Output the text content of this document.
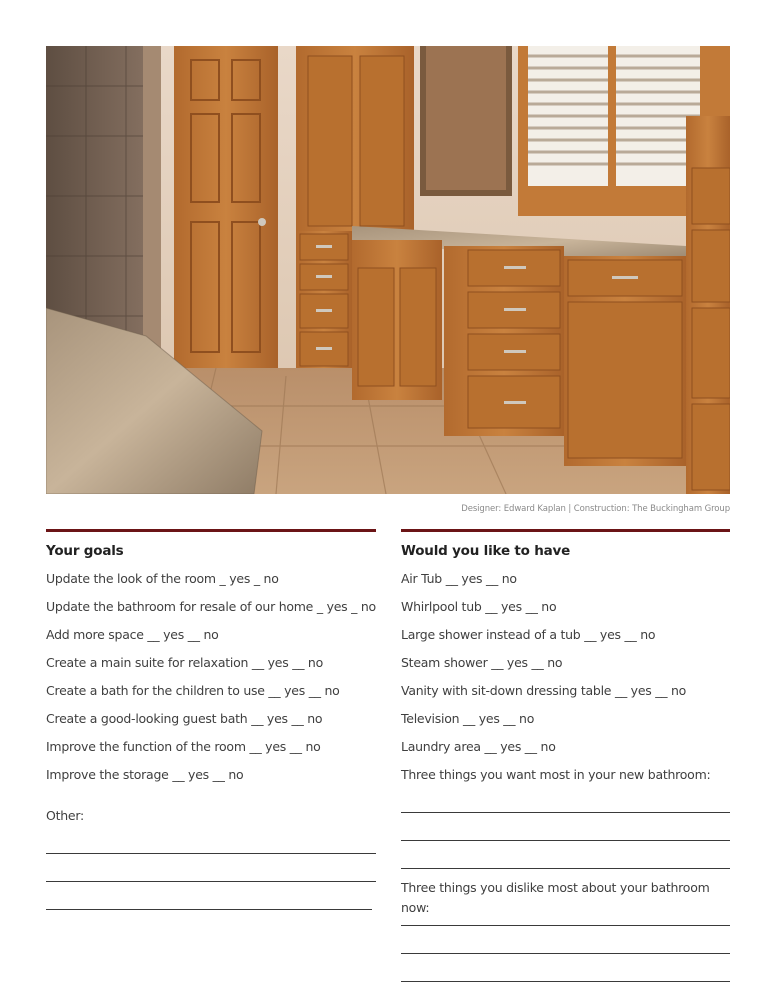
Designer: Edward Kaplan | Construction: The Buckingham Group
Your goals
Update the look of the room _ yes _ no
Update the bathroom for resale of our home _ yes _ no
Add more space __ yes __ no
Create a main suite for relaxation __ yes __ no
Create a bath for the children to use __ yes __ no
Create a good-looking guest bath __ yes __ no
Improve the function of the room __ yes __ no
Improve the storage __ yes __ no
Other:
Would you like to have
Air Tub __ yes __ no
Whirlpool tub __ yes __ no
Large shower instead of a tub __ yes __ no
Steam shower __ yes __ no
Vanity with sit-down dressing table __ yes __ no
Television __ yes __ no
Laundry area __ yes __ no
Three things you want most in your new bathroom:
Three things you dislike most about your bathroom now:
